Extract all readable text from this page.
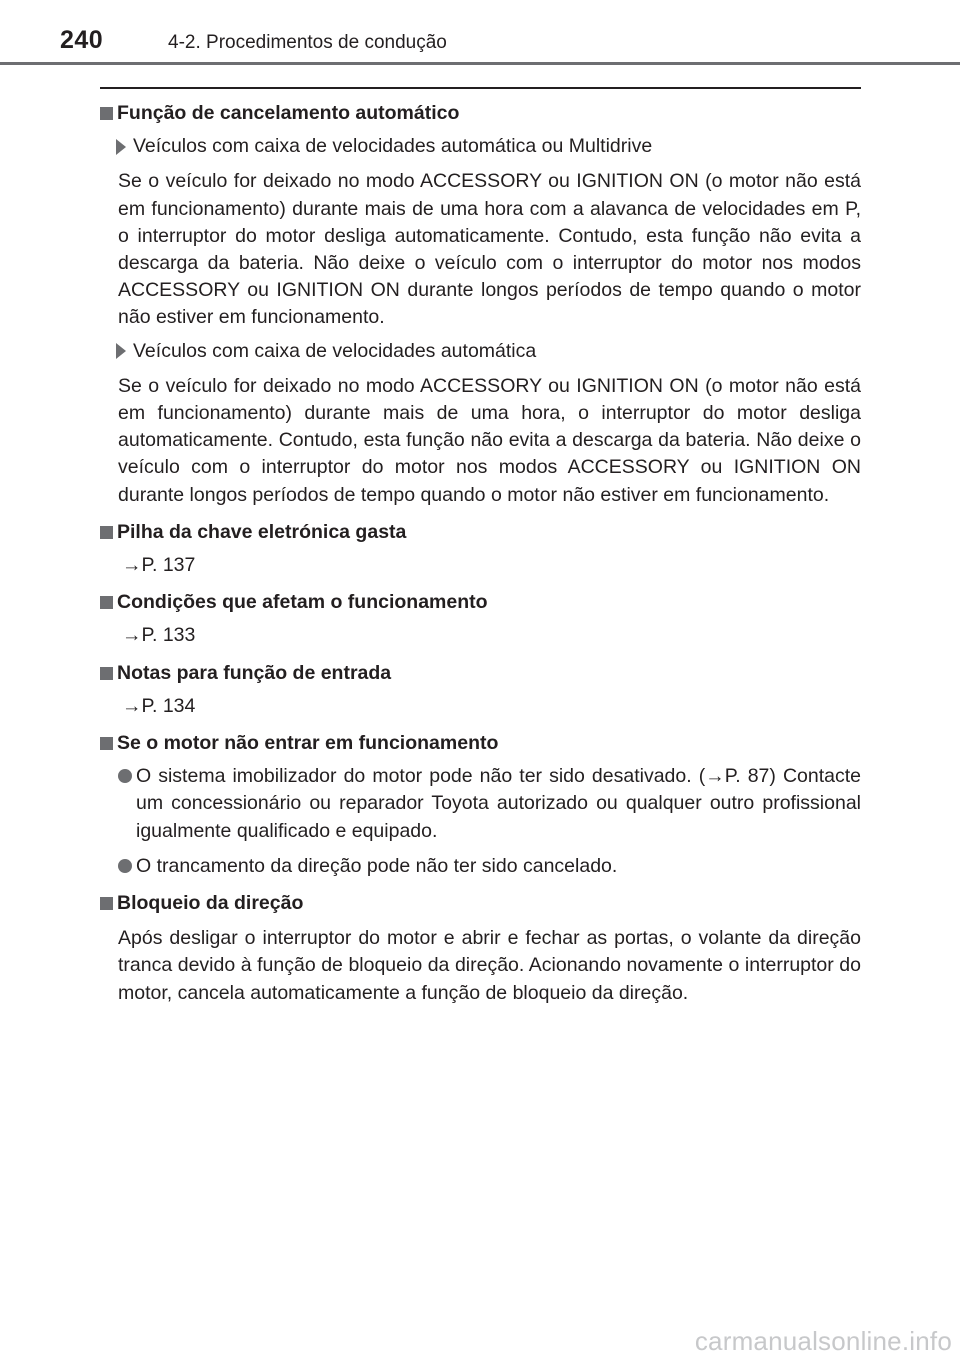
240	4-2. Procedimentos de condução
Função de cancelamento automático
Veículos com caixa de velocidades automática ou Multidrive
Se o veículo for deixado no modo ACCESSORY ou IGNITION ON (o motor não está em funcionamento) durante mais de uma hora com a alavanca de velocidades em P, o interruptor do motor desliga automaticamente. Contudo, esta função não evita a descarga da bateria. Não deixe o veículo com o interruptor do motor nos modos ACCESSORY ou IGNITION ON durante longos períodos de tempo quando o motor não estiver em funcionamento.
Veículos com caixa de velocidades automática
Se o veículo for deixado no modo ACCESSORY ou IGNITION ON (o motor não está em funcionamento) durante mais de uma hora, o interruptor do motor desliga automaticamente. Contudo, esta função não evita a descarga da bateria. Não deixe o veículo com o interruptor do motor nos modos ACCESSORY ou IGNITION ON durante longos períodos de tempo quando o motor não estiver em funcionamento.
Pilha da chave eletrónica gasta
→P. 137
Condições que afetam o funcionamento
→P. 133
Notas para função de entrada
→P. 134
Se o motor não entrar em funcionamento
O sistema imobilizador do motor pode não ter sido desativado. (→P. 87) Contacte um concessionário ou reparador Toyota autorizado ou qualquer outro profissional igualmente qualificado e equipado.
O trancamento da direção pode não ter sido cancelado.
Bloqueio da direção
Após desligar o interruptor do motor e abrir e fechar as portas, o volante da direção tranca devido à função de bloqueio da direção. Acionando novamente o interruptor do motor, cancela automaticamente a função de bloqueio da direção.
carmanualsonline.info
